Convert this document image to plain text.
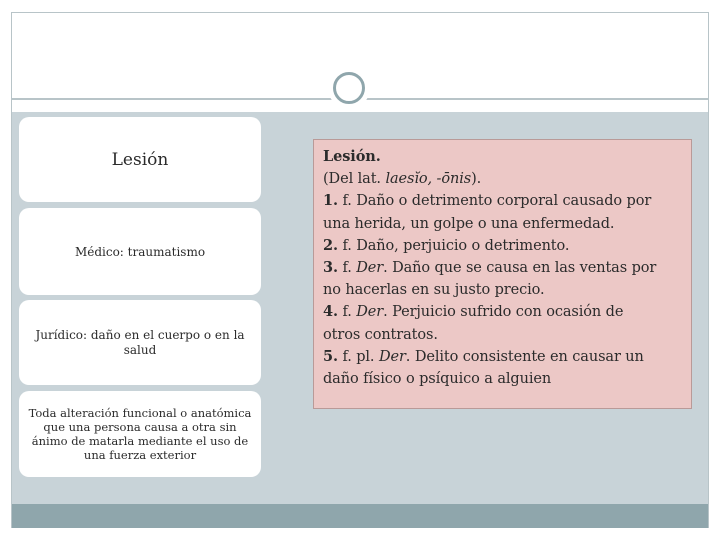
Lesión
Médico: traumatismo
Jurídico: daño en el cuerpo o en la salud
Toda alteración funcional o anatómica que una persona causa a otra sin ánimo de matarla mediante el uso de una fuerza exterior
Lesión.
(Del lat. laesĭo, -ōnis).
1. f. Daño o detrimento corporal causado por
una herida, un golpe o una enfermedad.
2. f. Daño, perjuicio o detrimento.
3. f. Der. Daño que se causa en las ventas por
no hacerlas en su justo precio.
4. f. Der. Perjuicio sufrido con ocasión de
otros contratos.
5. f. pl. Der. Delito consistente en causar un
daño físico o psíquico a alguien
